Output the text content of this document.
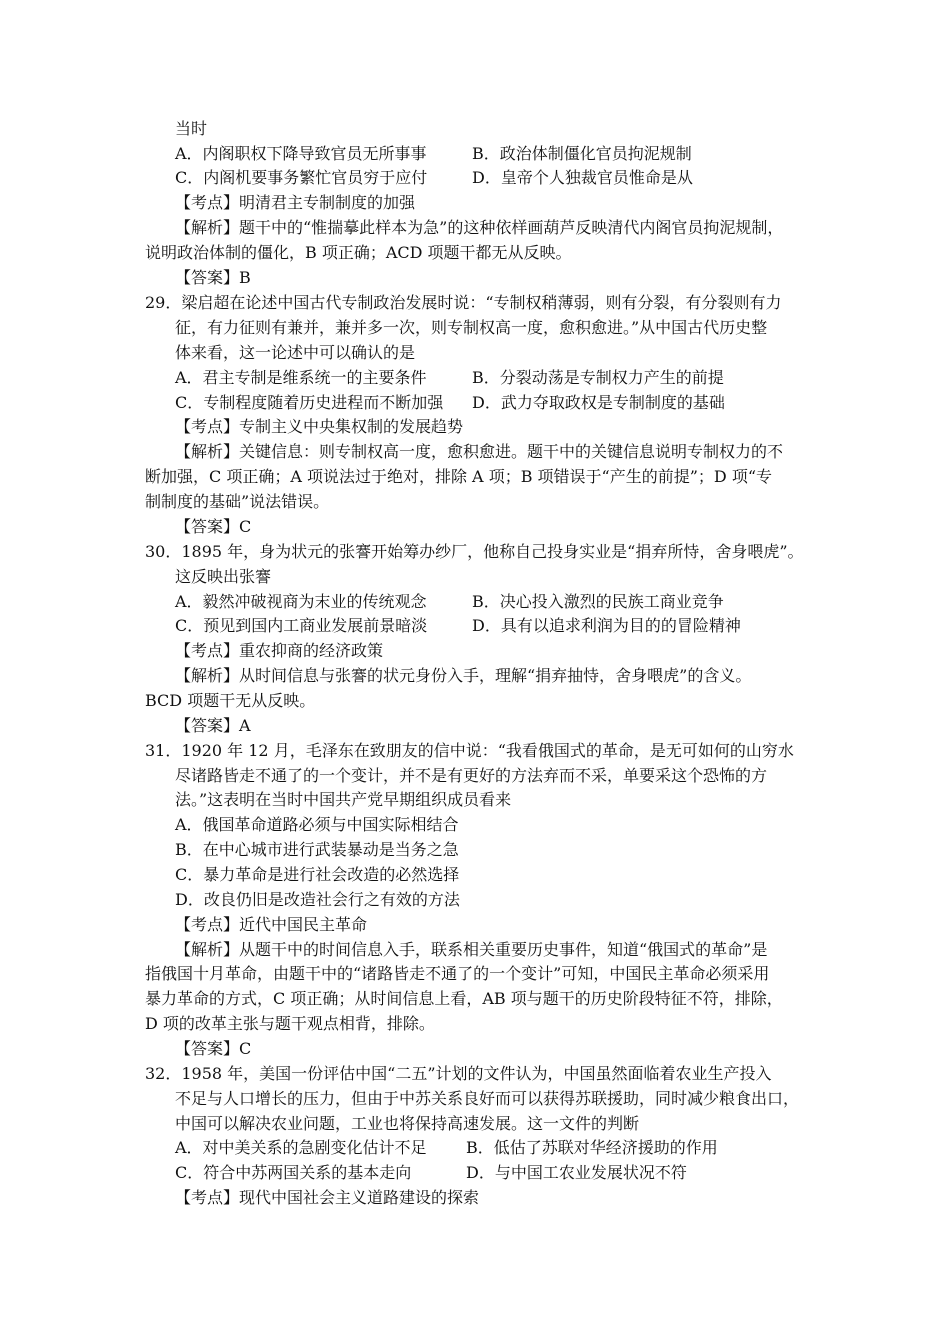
当时
A．内阁职权下降导致官员无所事事	B．政治体制僵化官员拘泥规制
C．内阁机要事务繁忙官员穷于应付	D．皇帝个人独裁官员惟命是从
【考点】明清君主专制制度的加强
【解析】题干中的“惟揣摹此样本为急”的这种依样画葫芦反映清代内阁官员拘泥规制，
说明政治体制的僵化，B 项正确；ACD 项题干都无从反映。
【答案】B
29．梁启超在论述中国古代专制政治发展时说：“专制权稍薄弱，则有分裂，有分裂则有力
征，有力征则有兼并，兼并多一次，则专制权高一度，愈积愈进。”从中国古代历史整
体来看，这一论述中可以确认的是
A．君主专制是维系统一的主要条件	B．分裂动荡是专制权力产生的前提
C．专制程度随着历史进程而不断加强 D．武力夺取政权是专制制度的基础
【考点】专制主义中央集权制的发展趋势
【解析】关键信息：则专制权高一度，愈积愈进。题干中的关键信息说明专制权力的不
断加强，C 项正确；A 项说法过于绝对，排除 A 项；B 项错误于“产生的前提”；D 项“专
制制度的基础”说法错误。
【答案】C
30．1895 年，身为状元的张謇开始筹办纱厂，他称自己投身实业是“捐弃所恃，舍身喂虎”。
这反映出张謇
A．毅然冲破视商为末业的传统观念	B．决心投入激烈的民族工商业竞争
C．预见到国内工商业发展前景暗淡	D．具有以追求利润为目的的冒险精神
【考点】重农抑商的经济政策
【解析】从时间信息与张謇的状元身份入手，理解“捐弃抽恃，舍身喂虎”的含义。
BCD 项题干无从反映。
【答案】A
31．1920 年 12 月，毛泽东在致朋友的信中说：“我看俄国式的革命，是无可如何的山穷水
尽诸路皆走不通了的一个变计，并不是有更好的方法弃而不采，单要采这个恐怖的方
法。”这表明在当时中国共产党早期组织成员看来
A．俄国革命道路必须与中国实际相结合
B．在中心城市进行武装暴动是当务之急
C．暴力革命是进行社会改造的必然选择
D．改良仍旧是改造社会行之有效的方法
【考点】近代中国民主革命
【解析】从题干中的时间信息入手，联系相关重要历史事件，知道“俄国式的革命”是
指俄国十月革命，由题干中的“诸路皆走不通了的一个变计”可知，中国民主革命必须采用
暴力革命的方式，C 项正确；从时间信息上看，AB 项与题干的历史阶段特征不符，排除，
D 项的改革主张与题干观点相背，排除。
【答案】C
32．1958 年，美国一份评估中国“二五”计划的文件认为，中国虽然面临着农业生产投入
不足与人口增长的压力，但由于中苏关系良好而可以获得苏联援助，同时减少粮食出口，
中国可以解决农业问题，工业也将保持高速发展。这一文件的判断
A．对中美关系的急剧变化估计不足 B．低估了苏联对华经济援助的作用
C．符合中苏两国关系的基本走向	D．与中国工农业发展状况不符
【考点】现代中国社会主义道路建设的探索
